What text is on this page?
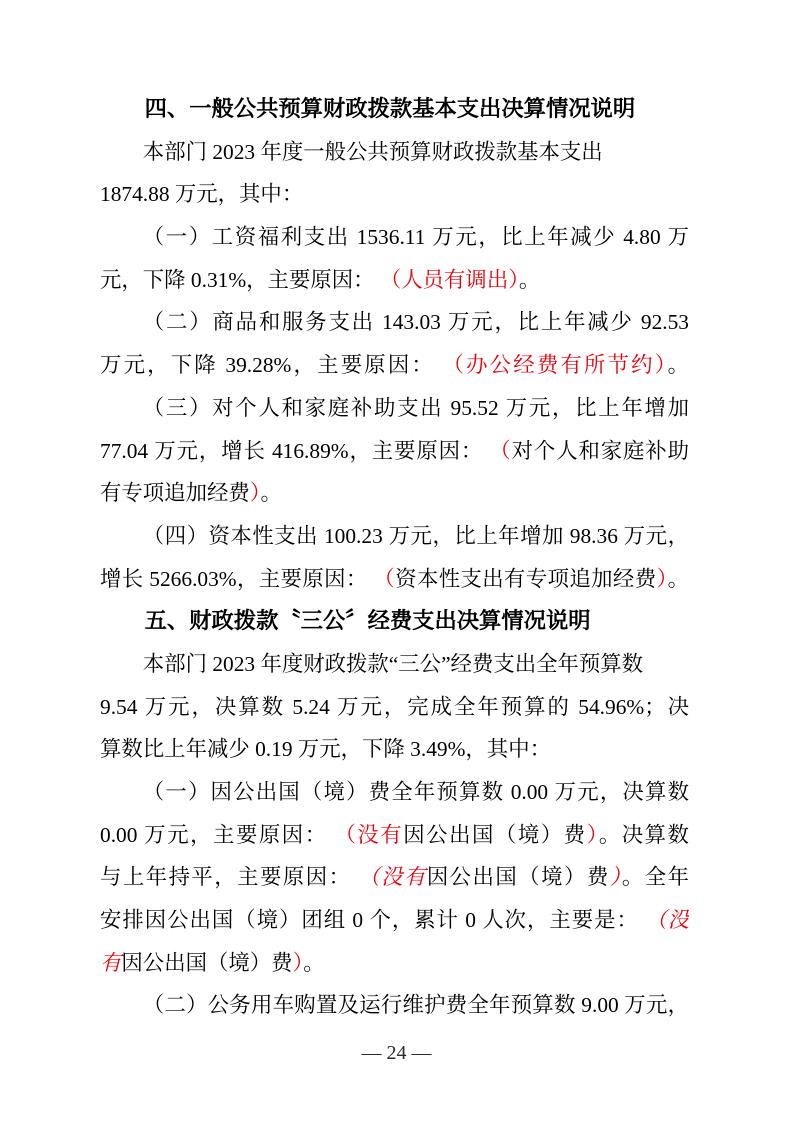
四、一般公共预算财政拨款基本支出决算情况说明
本部门 2023 年度一般公共预算财政拨款基本支出
1874.88 万元，其中：
（一）工资福利支出 1536.11 万元，比上年减少 4.80 万
元，下降 0.31%，主要原因： （人员有调出）。
（二）商品和服务支出 143.03 万元，比上年减少 92.53
万元，下降 39.28%，主要原因： （办公经费有所节约）。
（三）对个人和家庭补助支出 95.52 万元，比上年增加
77.04 万元，增长 416.89%，主要原因： （对个人和家庭补助
有专项追加经费）。
（四）资本性支出 100.23 万元，比上年增加 98.36 万元，
增长 5266.03%，主要原因： （资本性支出有专项追加经费）。
五、财政拨款〝三公〞经费支出决算情况说明
本部门 2023 年度财政拨款“三公”经费支出全年预算数
9.54 万元，决算数 5.24 万元，完成全年预算的 54.96%；决
算数比上年减少 0.19 万元，下降 3.49%，其中：
（一）因公出国（境）费全年预算数 0.00 万元，决算数
0.00 万元，主要原因： （没有因公出国（境）费）。决算数
与上年持平，主要原因： （没有因公出国（境）费）。全年
安排因公出国（境）团组 0 个，累计 0 人次，主要是： （没
有因公出国（境）费）。
（二）公务用车购置及运行维护费全年预算数 9.00 万元，
— 24 —
